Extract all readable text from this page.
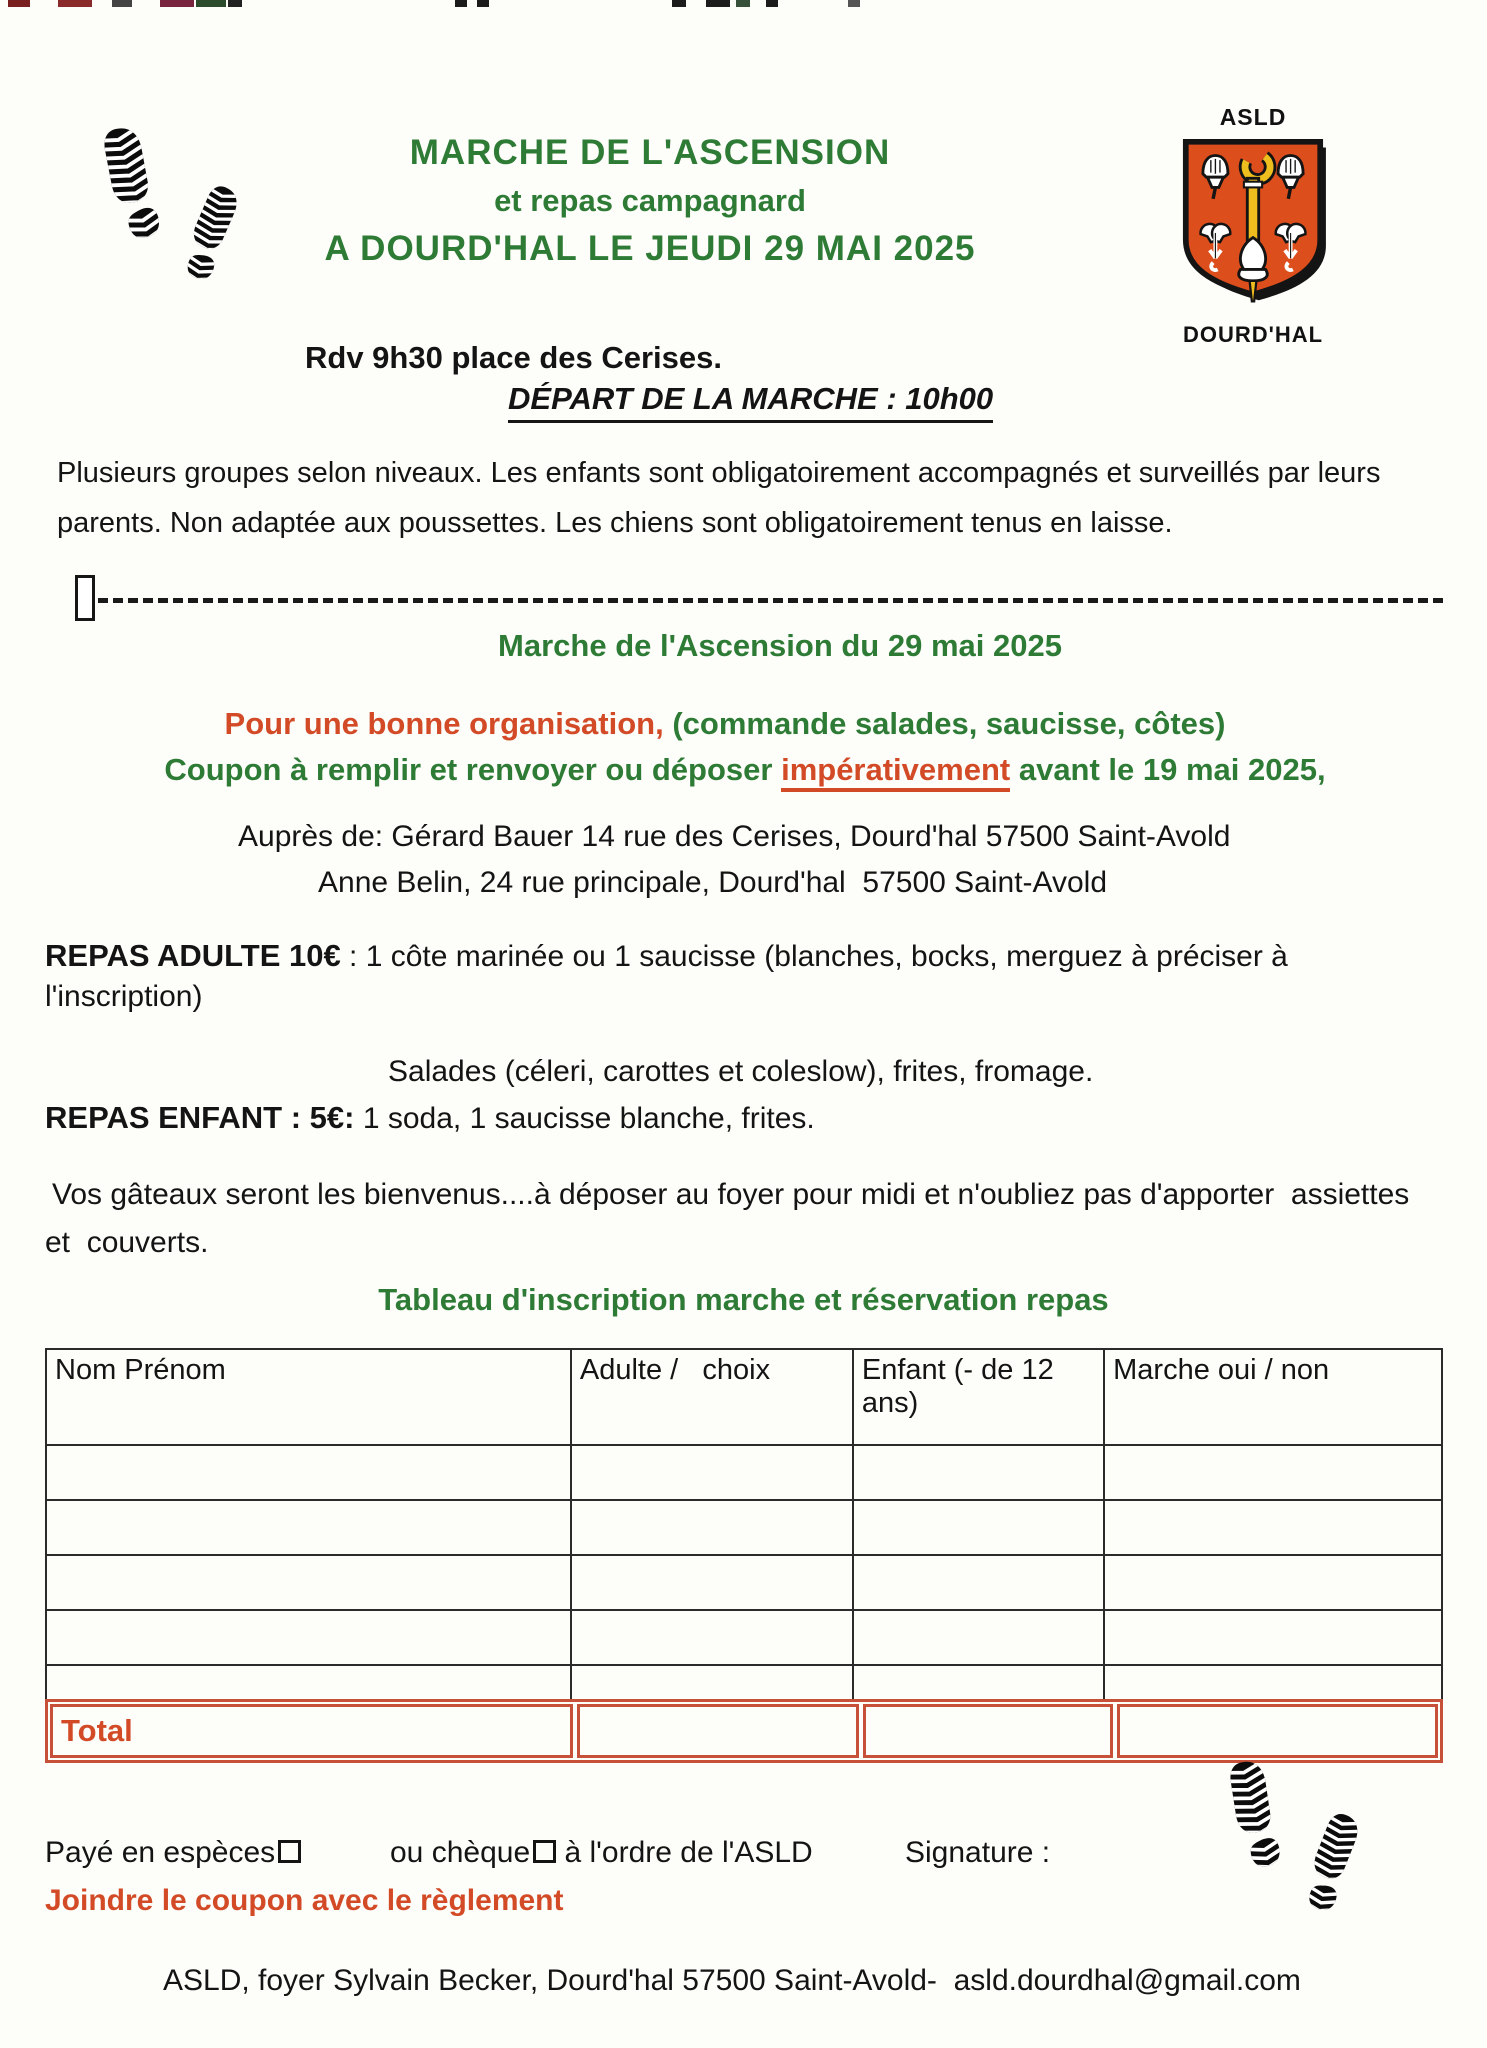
MARCHE DE L'ASCENSION
et repas campagnard
A DOURD'HAL LE JEUDI 29 MAI 2025
ASLD
DOURD'HAL
Rdv 9h30 place des Cerises.
DÉPART DE LA MARCHE : 10h00
Plusieurs groupes selon niveaux. Les enfants sont obligatoirement accompagnés et surveillés par leurs parents. Non adaptée aux poussettes. Les chiens sont obligatoirement tenus en laisse.
Marche de l'Ascension du 29 mai 2025
Pour une bonne organisation, (commande salades, saucisse, côtes)
Coupon à remplir et renvoyer ou déposer impérativement avant le 19 mai 2025,
Auprès de: Gérard Bauer 14 rue des Cerises, Dourd'hal 57500 Saint-Avold
Anne Belin, 24 rue principale, Dourd'hal  57500 Saint-Avold
REPAS ADULTE 10€ : 1 côte marinée ou 1 saucisse (blanches, bocks, merguez à préciser à
l'inscription)
Salades (céleri, carottes et coleslow), frites, fromage.
REPAS ENFANT : 5€: 1 soda, 1 saucisse blanche, frites.
Vos gâteaux seront les bienvenus....à déposer au foyer pour midi et n'oubliez pas d'apporter  assiettes
et  couverts.
Tableau d'inscription marche et réservation repas
Nom Prénom	Adulte /   choix	Enfant (- de 12 ans)	Marche oui / non

Total
Payé en espèces	ou chèque à l'ordre de l'ASLD	Signature :
Joindre le coupon avec le règlement
ASLD, foyer Sylvain Becker, Dourd'hal 57500 Saint-Avold-  asld.dourdhal@gmail.com
